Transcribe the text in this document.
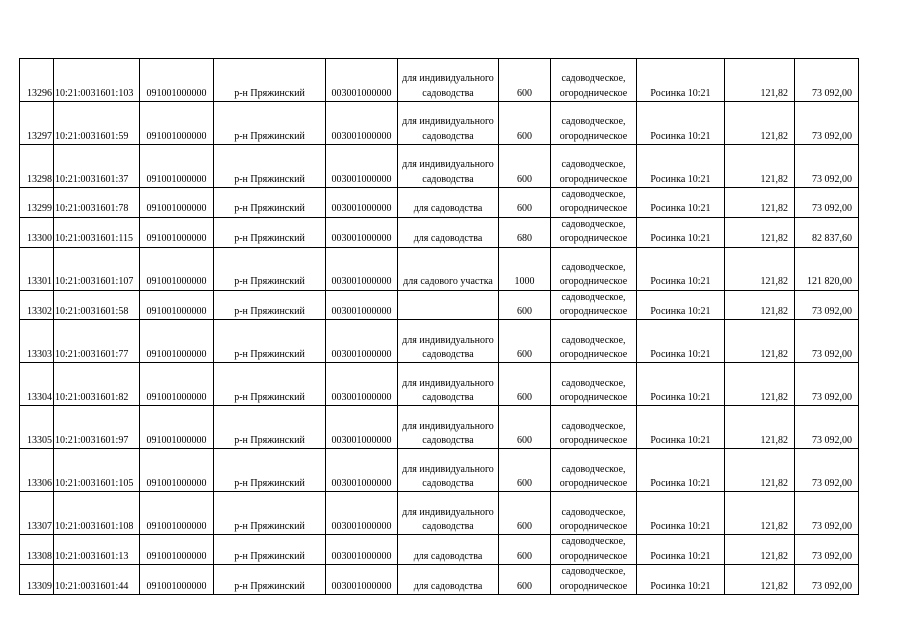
13296	10:21:0031601:103	091001000000	р-н Пряжинский	003001000000	для индивидуального садоводства	600	садоводческое, огородническое	Росинка 10:21	121,82	73 092,00
13297	10:21:0031601:59	091001000000	р-н Пряжинский	003001000000	для индивидуального садоводства	600	садоводческое, огородническое	Росинка 10:21	121,82	73 092,00
13298	10:21:0031601:37	091001000000	р-н Пряжинский	003001000000	для индивидуального садоводства	600	садоводческое, огородническое	Росинка 10:21	121,82	73 092,00
13299	10:21:0031601:78	091001000000	р-н Пряжинский	003001000000	для садоводства	600	садоводческое, огородническое	Росинка 10:21	121,82	73 092,00
13300	10:21:0031601:115	091001000000	р-н Пряжинский	003001000000	для садоводства	680	садоводческое, огородническое	Росинка 10:21	121,82	82 837,60
13301	10:21:0031601:107	091001000000	р-н Пряжинский	003001000000	для садового участка	1000	садоводческое, огородническое	Росинка 10:21	121,82	121 820,00
13302	10:21:0031601:58	091001000000	р-н Пряжинский	003001000000		600	садоводческое, огородническое	Росинка 10:21	121,82	73 092,00
13303	10:21:0031601:77	091001000000	р-н Пряжинский	003001000000	для индивидуального садоводства	600	садоводческое, огородническое	Росинка 10:21	121,82	73 092,00
13304	10:21:0031601:82	091001000000	р-н Пряжинский	003001000000	для индивидуального садоводства	600	садоводческое, огородническое	Росинка 10:21	121,82	73 092,00
13305	10:21:0031601:97	091001000000	р-н Пряжинский	003001000000	для индивидуального садоводства	600	садоводческое, огородническое	Росинка 10:21	121,82	73 092,00
13306	10:21:0031601:105	091001000000	р-н Пряжинский	003001000000	для индивидуального садоводства	600	садоводческое, огородническое	Росинка 10:21	121,82	73 092,00
13307	10:21:0031601:108	091001000000	р-н Пряжинский	003001000000	для индивидуального садоводства	600	садоводческое, огородническое	Росинка 10:21	121,82	73 092,00
13308	10:21:0031601:13	091001000000	р-н Пряжинский	003001000000	для садоводства	600	садоводческое, огородническое	Росинка 10:21	121,82	73 092,00
13309	10:21:0031601:44	091001000000	р-н Пряжинский	003001000000	для садоводства	600	садоводческое, огородническое	Росинка 10:21	121,82	73 092,00
